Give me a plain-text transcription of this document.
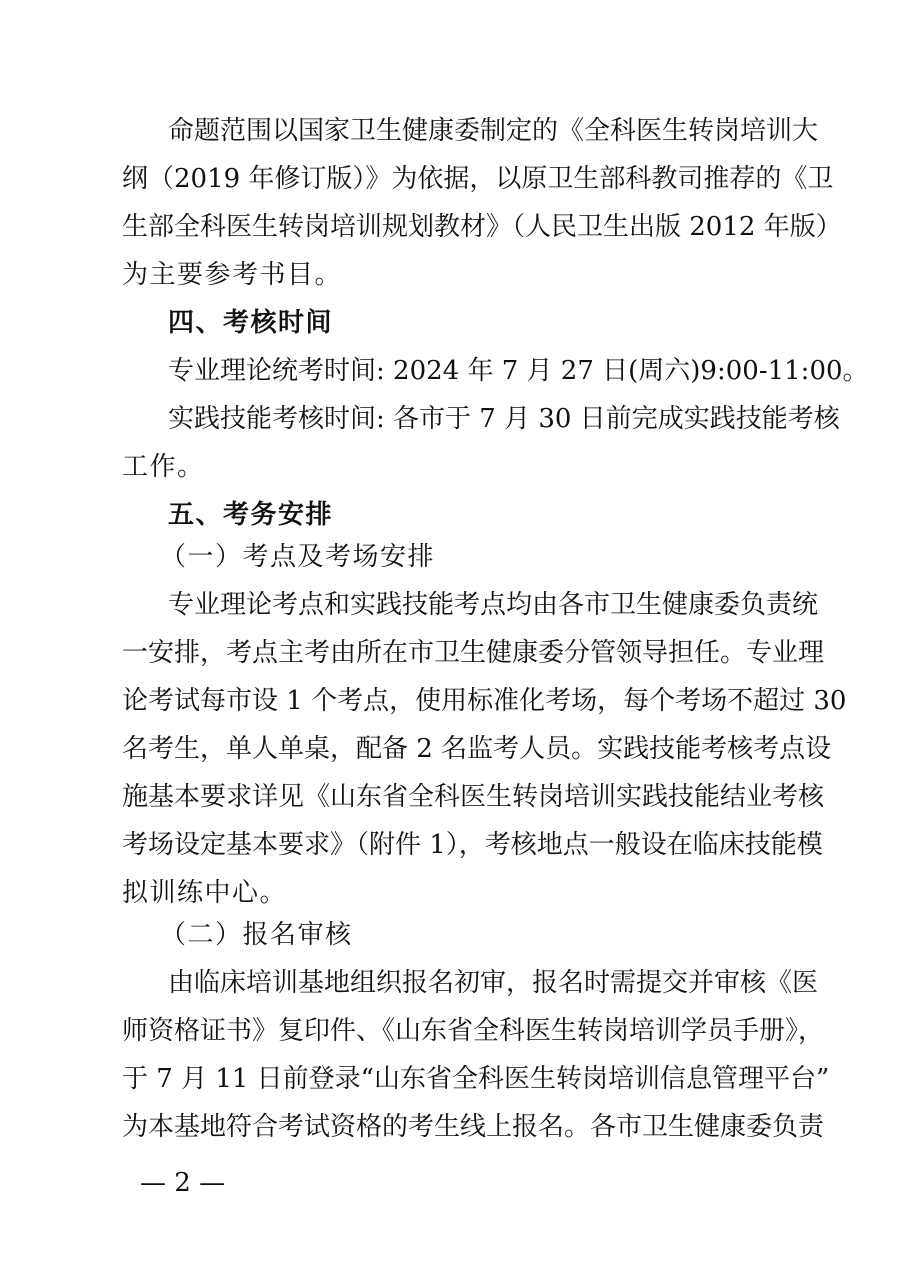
命题范围以国家卫生健康委制定的《全科医生转岗培训大
纲（2019 年修订版）》为依据，以原卫生部科教司推荐的《卫
生部全科医生转岗培训规划教材》（人民卫生出版 2012 年版）
为主要参考书目。
四、考核时间
专业理论统考时间: 2024 年 7 月 27 日(周六)9:00-11:00。
实践技能考核时间: 各市于 7 月 30 日前完成实践技能考核
工作。
五、考务安排
（一）考点及考场安排
专业理论考点和实践技能考点均由各市卫生健康委负责统
一安排，考点主考由所在市卫生健康委分管领导担任。专业理
论考试每市设 1 个考点，使用标准化考场，每个考场不超过 30
名考生，单人单桌，配备 2 名监考人员。实践技能考核考点设
施基本要求详见《山东省全科医生转岗培训实践技能结业考核
考场设定基本要求》（附件 1），考核地点一般设在临床技能模
拟训练中心。
（二）报名审核
由临床培训基地组织报名初审，报名时需提交并审核《医
师资格证书》复印件、《山东省全科医生转岗培训学员手册》，
于 7 月 11 日前登录“山东省全科医生转岗培训信息管理平台”
为本基地符合考试资格的考生线上报名。各市卫生健康委负责
— 2 —
